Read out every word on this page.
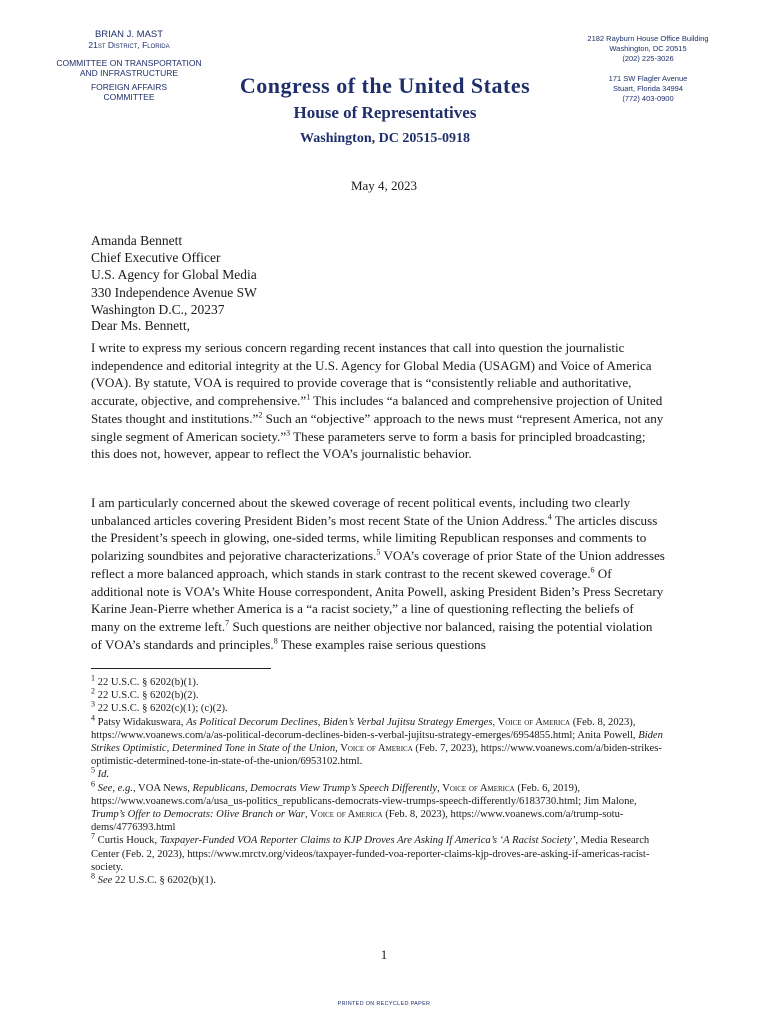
BRIAN J. MAST
21st District, Florida
COMMITTEE ON TRANSPORTATION
AND INFRASTRUCTURE
FOREIGN AFFAIRS
COMMITTEE
2182 Rayburn House Office Building
Washington, DC 20515
(202) 225-3026
171 SW Flagler Avenue
Stuart, Florida 34994
(772) 403-0900
Congress of the United States
House of Representatives
Washington, DC 20515-0918
May 4, 2023
Amanda Bennett
Chief Executive Officer
U.S. Agency for Global Media
330 Independence Avenue SW
Washington D.C., 20237
Dear Ms. Bennett,
I write to express my serious concern regarding recent instances that call into question the journalistic independence and editorial integrity at the U.S. Agency for Global Media (USAGM) and Voice of America (VOA). By statute, VOA is required to provide coverage that is “consistently reliable and authoritative, accurate, objective, and comprehensive.”$^1$ This includes “a balanced and comprehensive projection of United States thought and institutions.”$^2$ Such an “objective” approach to the news must “represent America, not any single segment of American society.”$^3$ These parameters serve to form a basis for principled broadcasting; this does not, however, appear to reflect the VOA’s journalistic behavior.
I am particularly concerned about the skewed coverage of recent political events, including two clearly unbalanced articles covering President Biden’s most recent State of the Union Address.$^4$ The articles discuss the President’s speech in glowing, one-sided terms, while limiting Republican responses and comments to polarizing soundbites and pejorative characterizations.$^5$ VOA’s coverage of prior State of the Union addresses reflect a more balanced approach, which stands in stark contrast to the recent skewed coverage.$^6$ Of additional note is VOA’s White House correspondent, Anita Powell, asking President Biden’s Press Secretary Karine Jean-Pierre whether America is a “a racist society,” a line of questioning reflecting the beliefs of many on the extreme left.$^7$ Such questions are neither objective nor balanced, raising the potential violation of VOA’s standards and principles.$^8$ These examples raise serious questions

$^1$ 22 U.S.C. § 6202(b)(1).

$^2$ 22 U.S.C. § 6202(b)(2).

$^3$ 22 U.S.C. § 6202(c)(1); (c)(2).

$^4$ Patsy Widakuswara, As Political Decorum Declines, Biden’s Verbal Jujitsu Strategy Emerges, Voice of America (Feb. 8, 2023), https://www.voanews.com/a/as-political-decorum-declines-biden-s-verbal-jujitsu-strategy-emerges/6954855.html; Anita Powell, Biden Strikes Optimistic, Determined Tone in State of the Union, Voice of America (Feb. 7, 2023), https://www.voanews.com/a/biden-strikes-optimistic-determined-tone-in-state-of-the-union/6953102.html.

$^5$ Id.

$^6$ See, e.g., VOA News, Republicans, Democrats View Trump’s Speech Differently, Voice of America (Feb. 6, 2019), https://www.voanews.com/a/usa_us-politics_republicans-democrats-view-trumps-speech-differently/6183730.html; Jim Malone, Trump’s Offer to Democrats: Olive Branch or War, Voice of America (Feb. 8, 2023), https://www.voanews.com/a/trump-sotu-dems/4776393.html

$^7$ Curtis Houck, Taxpayer-Funded VOA Reporter Claims to KJP Droves Are Asking If America’s ‘A Racist Society’, Media Research Center (Feb. 2, 2023), https://www.mrctv.org/videos/taxpayer-funded-voa-reporter-claims-kjp-droves-are-asking-if-americas-racist-society.

$^8$ See 22 U.S.C. § 6202(b)(1).

1
PRINTED ON RECYCLED PAPER
